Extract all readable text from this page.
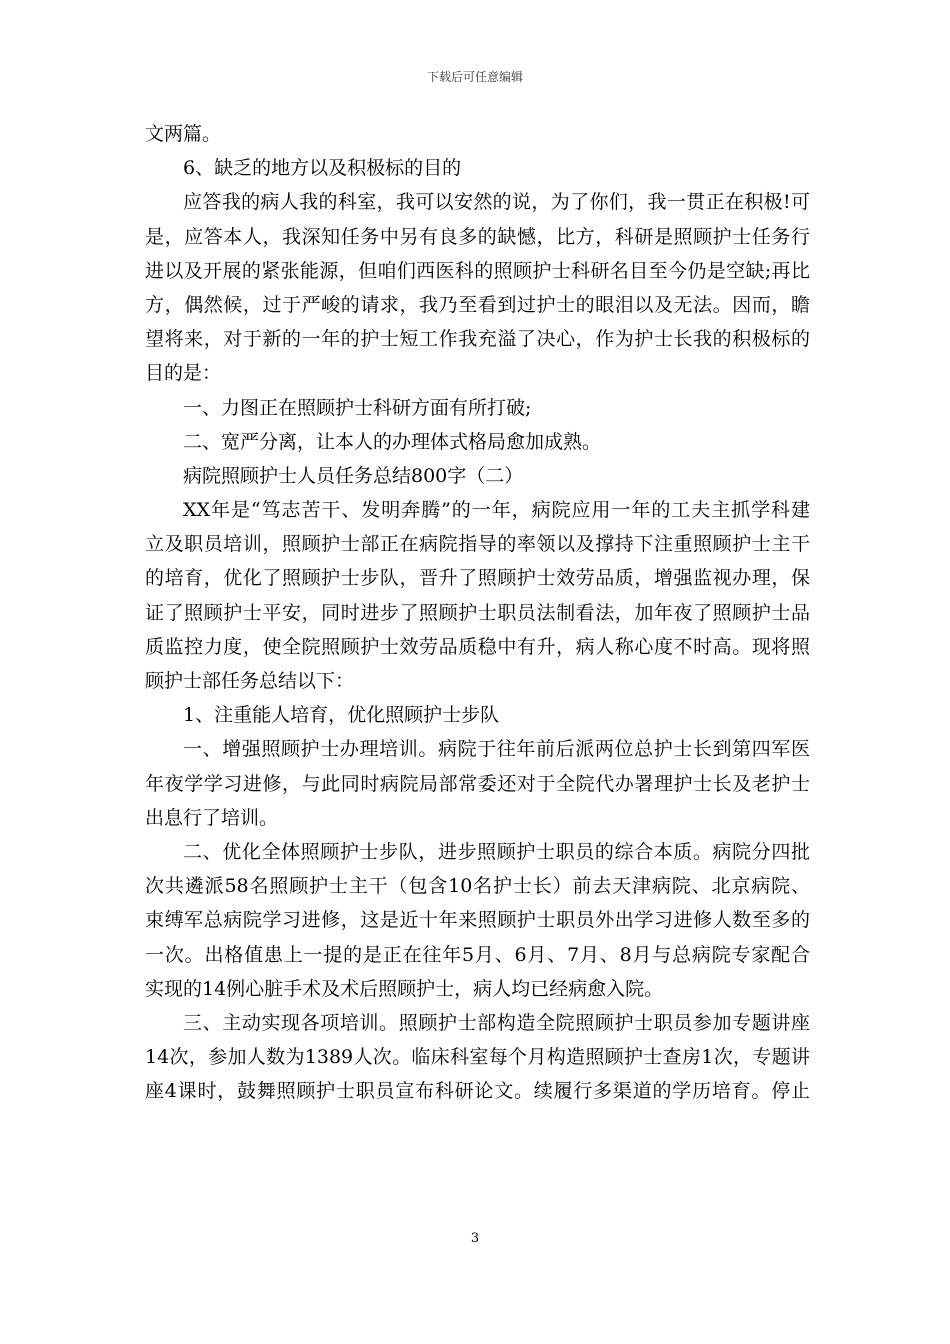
下载后可任意编辑
文两篇。
6、缺乏的地方以及积极标的目的
应答我的病人我的科室，我可以安然的说，为了你们，我一贯正在积极!可
是，应答本人，我深知任务中另有良多的缺憾，比方，科研是照顾护士任务行
进以及开展的紧张能源，但咱们西医科的照顾护士科研名目至今仍是空缺;再比
方，偶然候，过于严峻的请求，我乃至看到过护士的眼泪以及无法。因而，瞻
望将来，对于新的一年的护士短工作我充溢了决心，作为护士长我的积极标的
目的是：
一、力图正在照顾护士科研方面有所打破;
二、宽严分离，让本人的办理体式格局愈加成熟。
病院照顾护士人员任务总结800字（二）
XX年是“笃志苦干、发明奔腾”的一年，病院应用一年的工夫主抓学科建
立及职员培训，照顾护士部正在病院指导的率领以及撑持下注重照顾护士主干
的培育，优化了照顾护士步队，晋升了照顾护士效劳品质，增强监视办理，保
证了照顾护士平安，同时进步了照顾护士职员法制看法，加年夜了照顾护士品
质监控力度，使全院照顾护士效劳品质稳中有升，病人称心度不时高。现将照
顾护士部任务总结以下：
1、注重能人培育，优化照顾护士步队
一、增强照顾护士办理培训。病院于往年前后派两位总护士长到第四军医
年夜学学习进修，与此同时病院局部常委还对于全院代办署理护士长及老护士
出息行了培训。
二、优化全体照顾护士步队，进步照顾护士职员的综合本质。病院分四批
次共遴派58名照顾护士主干（包含10名护士长）前去天津病院、北京病院、
束缚军总病院学习进修，这是近十年来照顾护士职员外出学习进修人数至多的
一次。出格值患上一提的是正在往年5月、6月、7月、8月与总病院专家配合
实现的14例心脏手术及术后照顾护士，病人均已经病愈入院。
三、主动实现各项培训。照顾护士部构造全院照顾护士职员参加专题讲座
14次，参加人数为1389人次。临床科室每个月构造照顾护士查房1次，专题讲
座4课时，鼓舞照顾护士职员宣布科研论文。续履行多渠道的学历培育。停止
3
